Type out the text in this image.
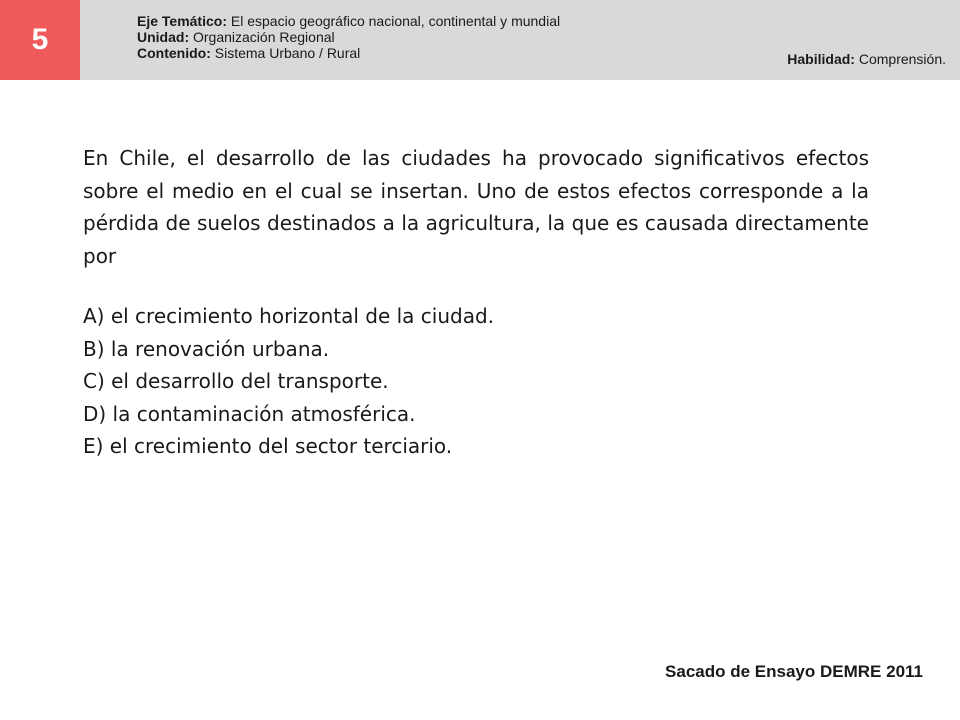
5
Eje Temático: El espacio geográfico nacional, continental y mundial
Unidad: Organización Regional
Contenido: Sistema Urbano / Rural	Habilidad: Comprensión.
En Chile, el desarrollo de las ciudades ha provocado significativos efectos sobre el medio en el cual se insertan. Uno de estos efectos corresponde a la pérdida de suelos destinados a la agricultura, la que es causada directamente por
A) el crecimiento horizontal de la ciudad.
B) la renovación urbana.
C) el desarrollo del transporte.
D) la contaminación atmosférica.
E) el crecimiento del sector terciario.
Sacado de Ensayo DEMRE 2011
